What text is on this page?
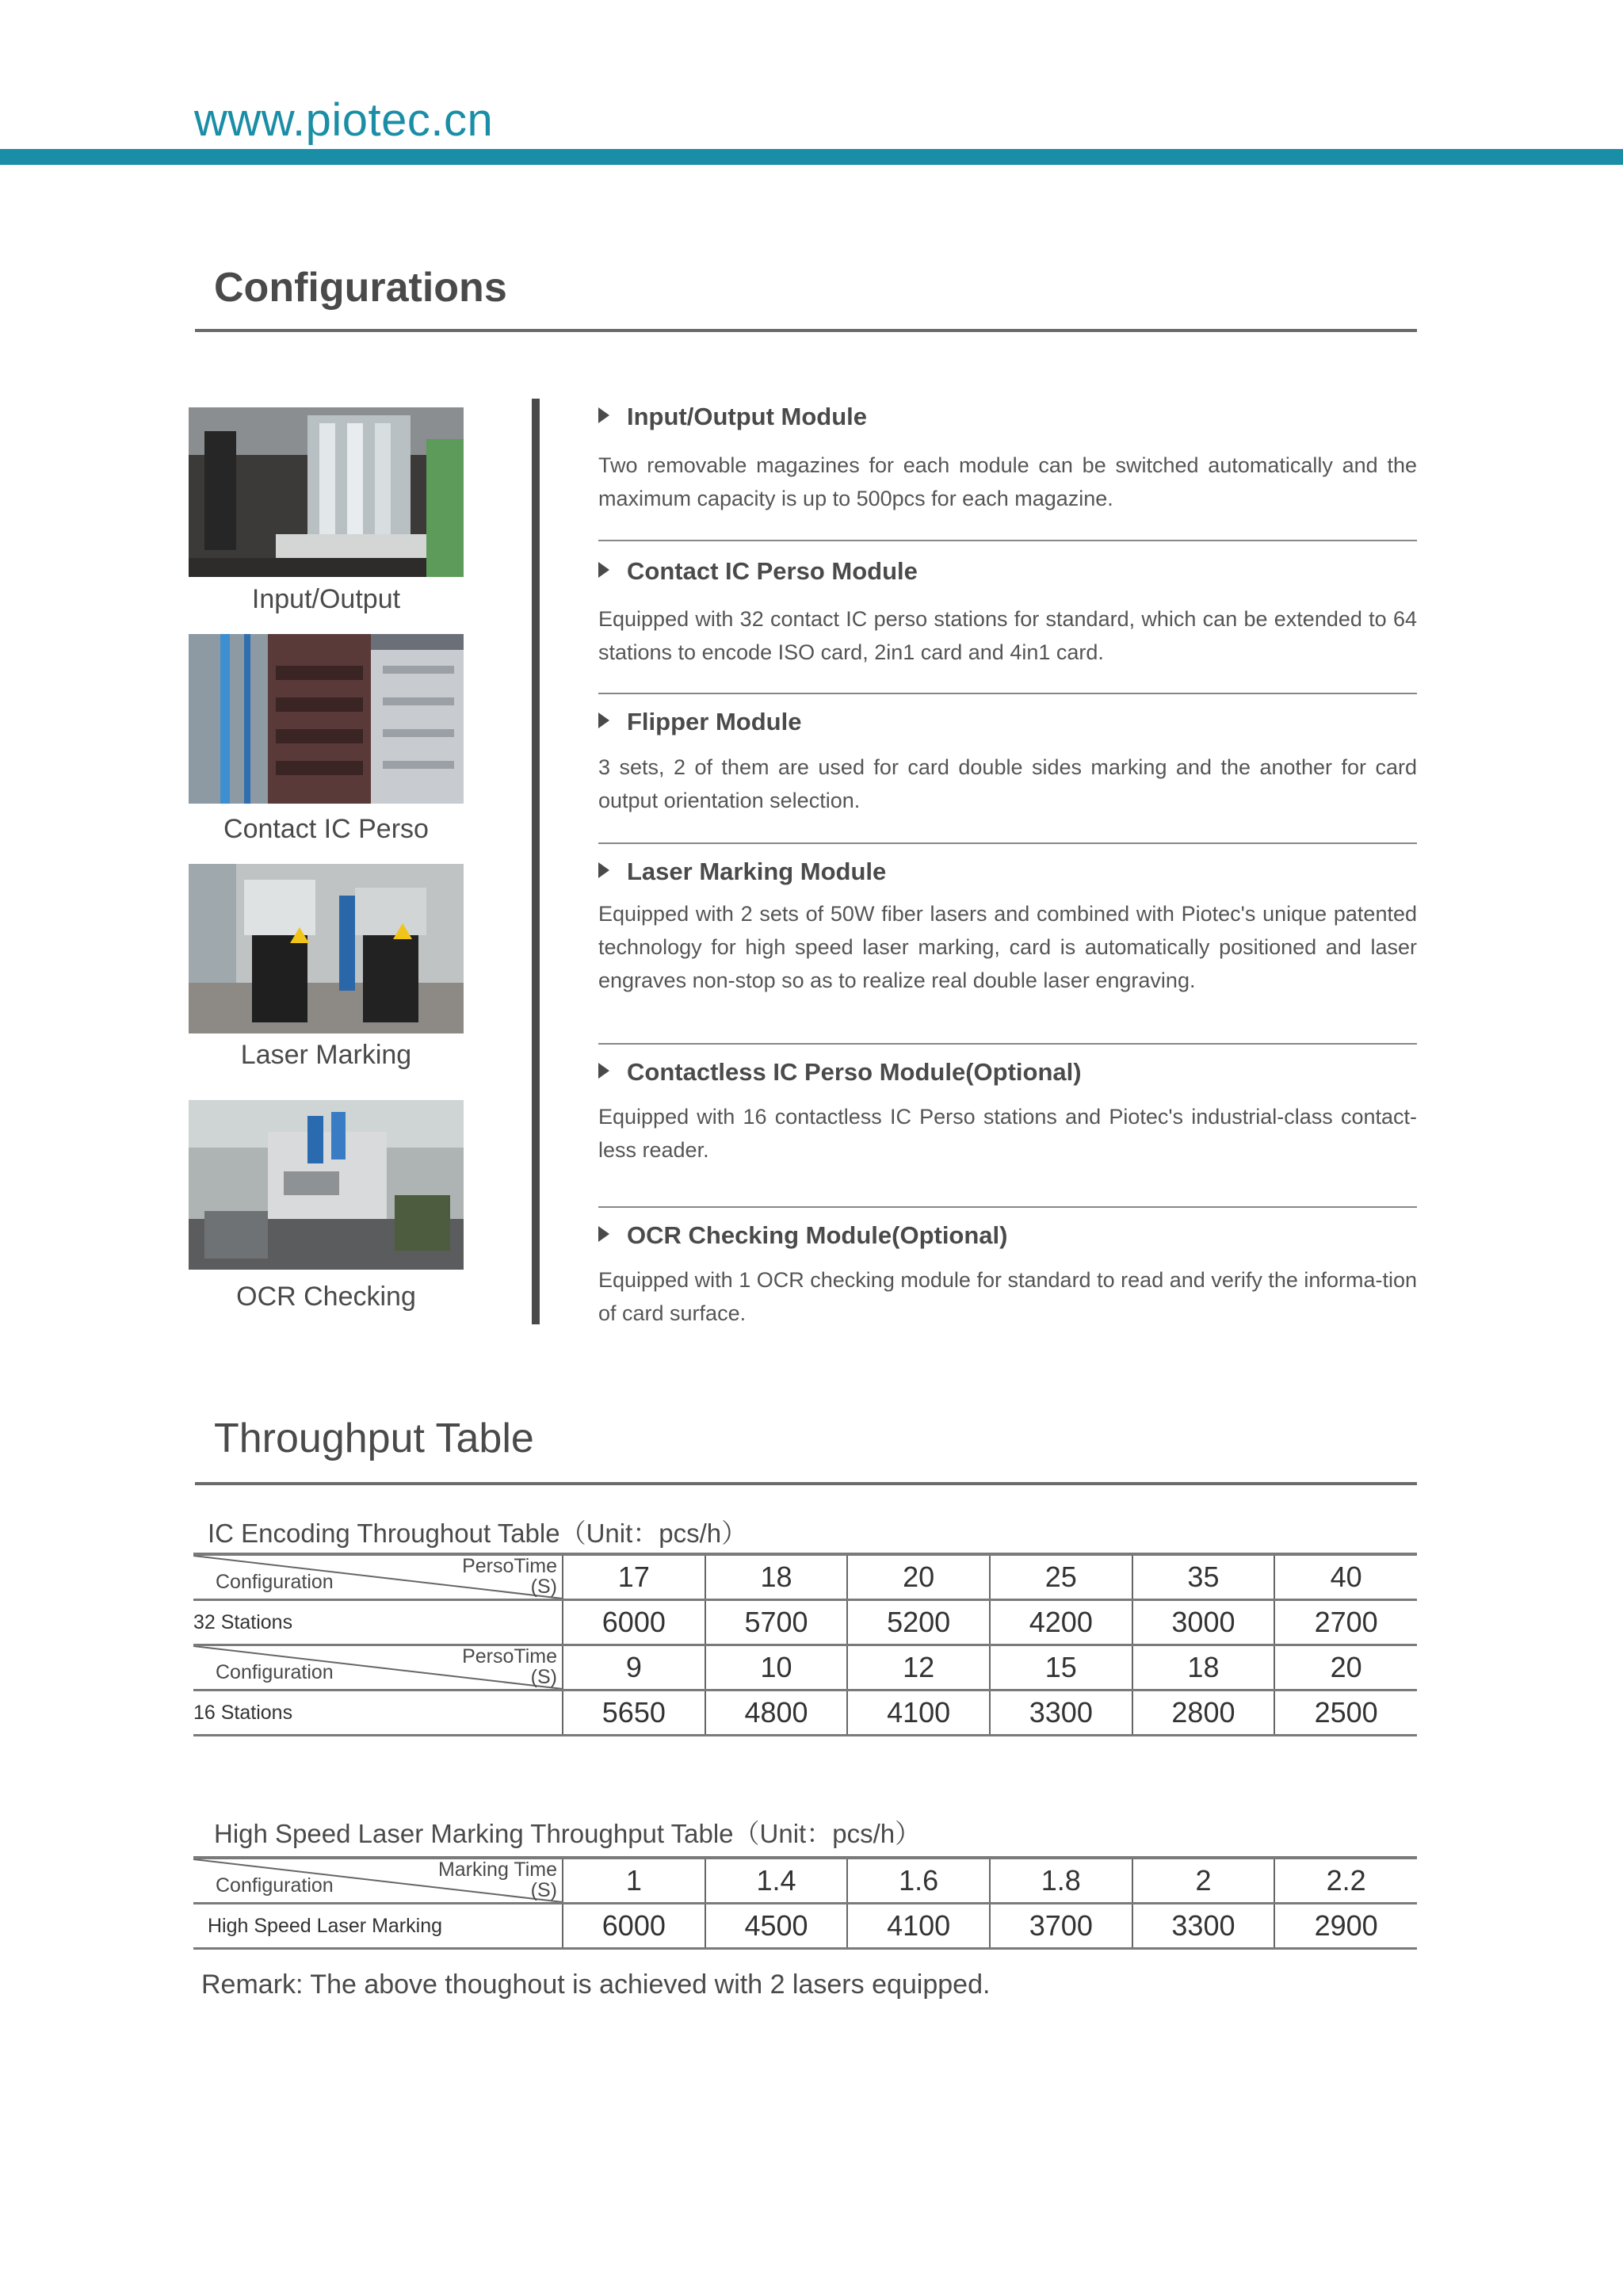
www.piotec.cn
Configurations
Input/Output
Contact IC Perso
Laser Marking
OCR Checking
Input/Output Module
Two removable magazines for each module can be switched automatically and the maximum capacity is up to 500pcs for each magazine.
Contact IC Perso Module
Equipped with 32 contact IC perso stations for standard, which can be extended to 64 stations to encode ISO card, 2in1 card and 4in1 card.
Flipper Module
3 sets, 2 of them are used for card double sides marking and the another for card output orientation selection.
Laser Marking Module
Equipped with 2 sets of 50W fiber lasers and combined with Piotec's unique patented technology for high speed laser marking, card is automatically positioned and laser engraves non-stop so as to realize real double laser engraving.
Contactless IC Perso Module(Optional)
Equipped with 16 contactless IC Perso stations and Piotec's industrial-class contact-less reader.
OCR Checking Module(Optional)
Equipped with 1 OCR checking module for standard to read and verify the informa-tion of card surface.
Throughput Table
IC Encoding Throughout Table（Unit：pcs/h）
PersoTime
(S)
Configuration	17	18	20	25	35	40
32 Stations	6000	5700	5200	4200	3000	2700

PersoTime
(S)
Configuration	9	10	12	15	18	20
16 Stations	5650	4800	4100	3300	2800	2500
High Speed Laser Marking Throughput Table（Unit：pcs/h）
Marking Time
(S)
Configuration	1	1.4	1.6	1.8	2	2.2
High Speed Laser Marking	6000	4500	4100	3700	3300	2900
Remark: The above thoughout is achieved with 2 lasers equipped.
